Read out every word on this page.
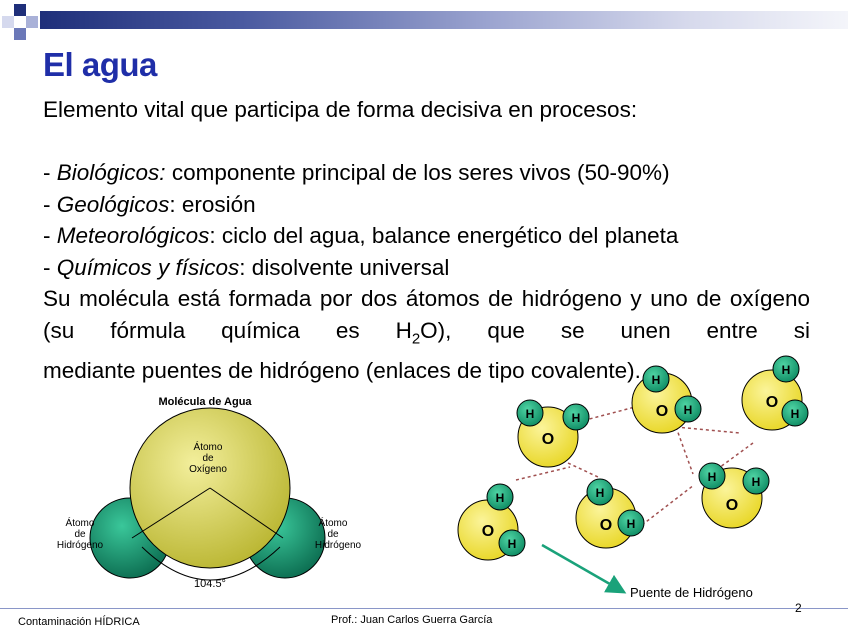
El agua

Elemento vital que participa de forma decisiva en procesos:

- Biológicos: componente principal de los seres vivos (50-90%)

- Geológicos: erosión

- Meteorológicos: ciclo del agua, balance energético del planeta

- Químicos y físicos: disolvente universal

Su molécula está formada por dos átomos de hidrógeno y uno de oxígeno (su fórmula química es $H_2O$), que se unen entre si

mediante puentes de hidrógeno (enlaces de tipo covalente).

Molécula de Agua
Átomo
de
Oxígeno
Átomo
de
Hidrógeno
Átomo
de
Hidrógeno
104.5°
O
H	H	O
H
H	O
H
H
O
H
H
O
H
H
O
H	H
Puente de Hidrógeno
Contaminación HÍDRICA	Prof.: Juan Carlos Guerra García
2
